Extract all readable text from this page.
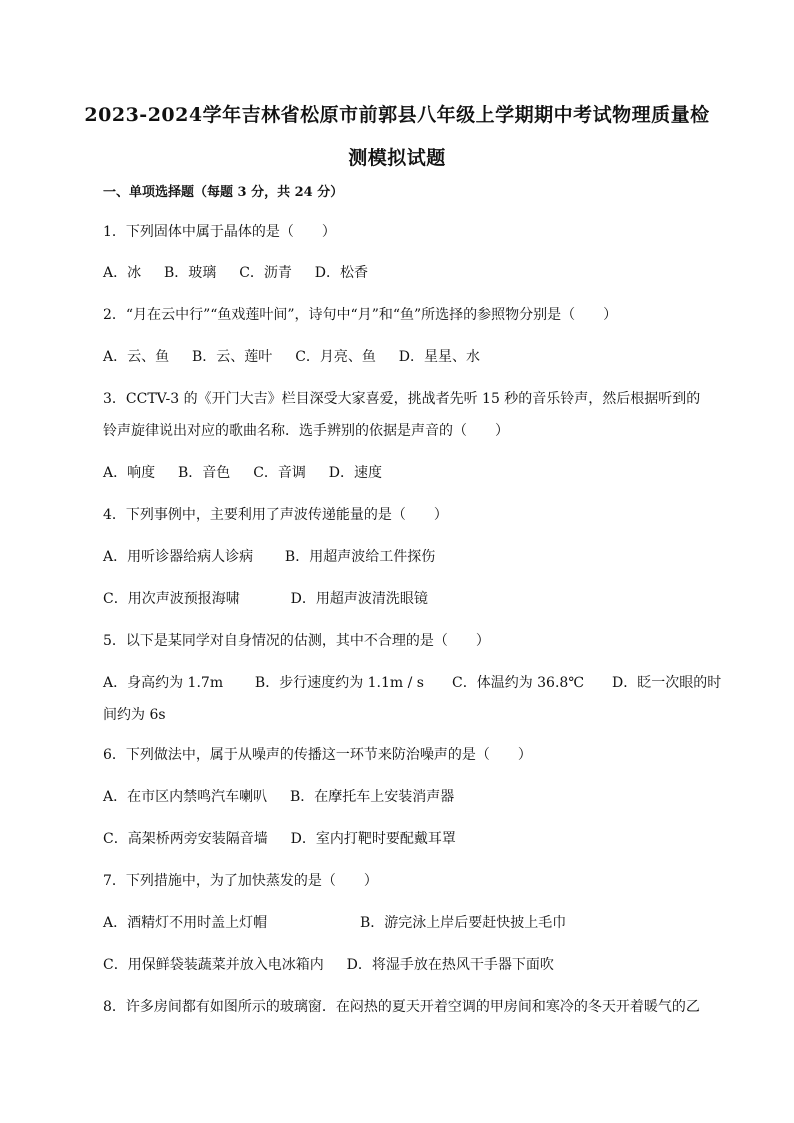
2023-2024学年吉林省松原市前郭县八年级上学期期中考试物理质量检
测模拟试题
一、单项选择题（每题 3 分，共 24 分）
1．下列固体中属于晶体的是（　　）
A．冰　  B．玻璃　  C．沥青　  D．松香
2．“月在云中行”“鱼戏莲叶间”，诗句中“月”和“鱼”所选择的参照物分别是（　　）
A．云、鱼　  B．云、莲叶　  C．月亮、鱼　  D．星星、水
3．CCTV-3 的《开门大吉》栏目深受大家喜爱，挑战者先听 15 秒的音乐铃声，然后根据听到的
铃声旋律说出对应的歌曲名称．选手辨别的依据是声音的（　　）
A．响度　  B．音色　  C．音调　  D．速度
4．下列事例中，主要利用了声波传递能量的是（　　）
A．用听诊器给病人诊病　    B．用超声波给工件探伤
C．用次声波预报海啸　　　  D．用超声波清洗眼镜
5．以下是某同学对自身情况的估测，其中不合理的是（　　）
A．身高约为 1.7m　    B．步行速度约为 1.1m / s　　C．体温约为 36.8℃　　D．眨一次眼的时
间约为 6s
6．下列做法中，属于从噪声的传播这一环节来防治噪声的是（　　）
A．在市区内禁鸣汽车喇叭　  B．在摩托车上安装消声器
C．高架桥两旁安装隔音墙　  D．室内打靶时要配戴耳罩
7．下列措施中，为了加快蒸发的是（　　）
A．酒精灯不用时盖上灯帽　　　　　　  B．游完泳上岸后要赶快披上毛巾
C．用保鲜袋装蔬菜并放入电冰箱内　  D．将湿手放在热风干手器下面吹
8．许多房间都有如图所示的玻璃窗．在闷热的夏天开着空调的甲房间和寒冷的冬天开着暖气的乙
